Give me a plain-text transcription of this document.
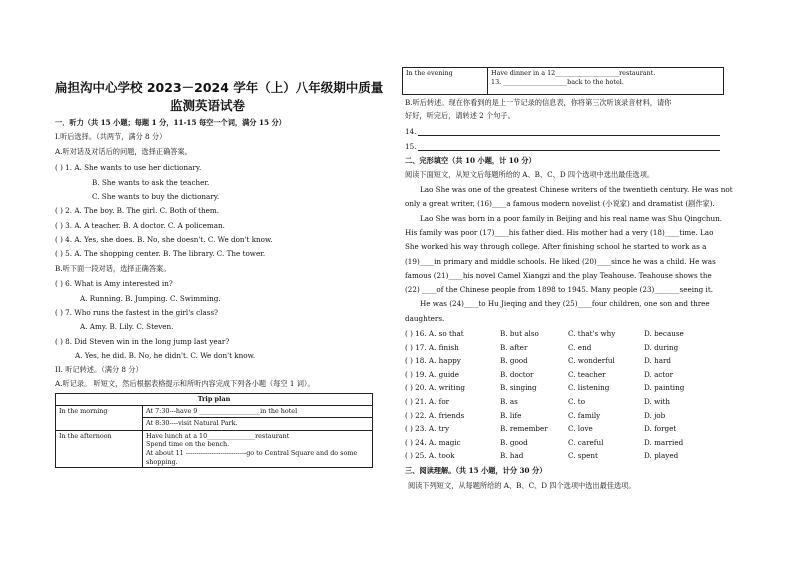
扁担沟中心学校 2023－2024 学年（上）八年级期中质量
监测英语试卷
一．听力（共 15 小题；每题 1 分，11-15 每空一个词，满分 15 分）
I.听后选择。（共两节，满分 8 分）
A.听对话及对话后的问题，选择正确答案。
( ) 1. A. She wants to use her dictionary.
B. She wants to ask the teacher.
C. She wants to buy the dictionary.
( ) 2. A. The boy. B. The girl. C. Both of them.
( ) 3. A. A teacher. B. A doctor. C. A policeman.
( ) 4. A. Yes, she does. B. No, she doesn't. C. We don't know.
( ) 5. A. The shopping center. B. The library. C. The tower.
B.听下面一段对话，选择正确答案。
( ) 6. What is Amy interested in?
A. Running. B. Jumping. C. Swimming.
( ) 7. Who runs the fastest in the girl's class?
A. Amy. B. Lily. C. Steven.
( ) 8. Did Steven win in the long jump last year?
A. Yes, he did. B. No, he didn't. C. We don't know.
II. 听记转述。（满分 8 分）
A.听记录。 听短文，然后根据表格提示和所听内容完成下列各小题（每空 1 词）。
Trip plan	
In the morning	At 7:30---have 9 ___________________in the hotel
	At 8:30----visit Natural Park.
In the afternoon	Have lunch at a 10_______________restaurant
Spend time on the bench.
At about 11 ----------------------------go to Central Square and do some
shopping.
In the evening	Have dinner in a 12____________________restaurant.
13. ____________________back to the hotel.
B.听后转述。现在你看到的是上一节记录的信息表，你将第三次听该录音材料，请你
好好，听完后，请转述 2 个句子。
14.
15.
二、完形填空（共 10 小题，计 10 分）
阅读下面短文，从短文后每题所给的 A、B、C、D 四个选项中选出最佳选项。
Lao She was one of the greatest Chinese writers of the twentieth century. He was not
only a great writer, (16)____a famous modern novelist (小说家) and dramatist (剧作家).
Lao She was born in a poor family in Beijing and his real name was Shu Qingchun.
His family was poor (17)____his father died. His mother had a very (18)____time. Lao
She worked his way through college. After finishing school he started to work as a
(19)____in primary and middle schools. He liked (20)____since he was a child. He was
famous (21)____his novel Camel Xiangzi and the play Teahouse. Teahouse shows the
(22) ____of the Chinese people from 1898 to 1945. Many people (23)_______seeing it.
He was (24)____to Hu Jieqing and they (25)____four children, one son and three
daughters.
( ) 16. A. so that	B. but also	C. that's why	D. because
( ) 17. A. finish	B. after	C. end	D. during
( ) 18. A. happy	B. good	C. wonderful	D. hard
( ) 19. A. guide	B. doctor	C. teacher	D. actor
( ) 20. A. writing	B. singing	C. listening	D. painting
( ) 21. A. for	B. as	C. to	D. with
( ) 22. A. friends	B. life	C. family	D. job
( ) 23. A. try	B. remember	C. love	D. forget
( ) 24. A. magic	B. good	C. careful	D. married
( ) 25. A. took	B. had	C. spent	D. played
三、阅读理解。（共 15 小题，计分 30 分）
阅读下列短文，从每题所给的 A、B、C、D 四个选项中选出最佳选项。
